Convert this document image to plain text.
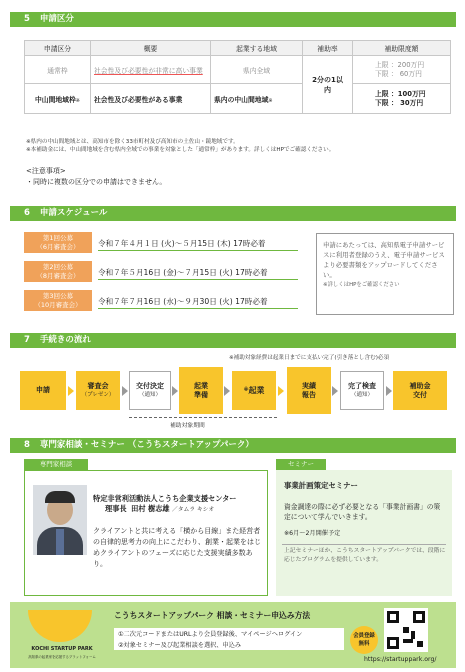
5 申請区分
申請区分	概要	起業する地域	補助率	補助限度額
通常枠	社会性及び必要性が非常に高い事業	県内全域	2分の1以内	上限 ：200万円
下限 ： 60万円

中山間地域枠※	社会性及び必要性がある事業	県内の中山間地域※		上限 ：100万円
下限 ： 30万円
※県内の中山間地域とは、高知市を除く33市町村及び高知市の土佐山・鏡地域です。
※本補助金には、中山間地域を含む県内全域での事業を対象とした「通常枠」があります。詳しくはHPでご確認ください。
<注意事項>
・同時に複数の区分での申請はできません。
6 申請スケジュール
第1回公募
（6月審査会）	令和７年４月１日 (火)～５月15日 (木) 17時必着
第2回公募
（8月審査会）	令和７年５月16日 (金)～７月15日 (火) 17時必着
第3回公募
（10月審査会）	令和７年７月16日 (水)～９月30日 (火) 17時必着
申請にあたっては、高知県電子申請サービスに利用者登録のうえ、電子申請サービスより必要書類をアップロードしてください。
※詳しくはHPをご確認ください
7 手続きの流れ
※補助対象経費は起業日までに支払い完了(引き落とし含む)必須
申請
審査会
（プレゼン）
交付決定
（通知）
起業
準備
※ 起業
実績
報告
完了検査
（通知）
補助金
交付
補助対象期間
8 専門家相談・セミナー （こうちスタートアップパーク）
専門家相談
特定非営利活動法人こうち企業支援センター
理事長 田村 樹志雄 ／タムラ キシオ
クライアントと共に考える「横から目線」また経営者の自律的思考力の向上にこだわり、創業・起業をはじめクライアントのフェーズに応じた支援実績多数あり。
セミナー
事業計画策定セミナー
資金調達の際に必ず必要となる「事業計画書」の策定について学んでいきます。
※6月～2月開催予定
上記セミナーほか、こうちスタートアップパークでは、段階に応じたプログラムを提供しています。
KOCHI STARTUP PARK
高知県の起業家を応援するプラットフォーム
こうちスタートアップパーク 相談・セミナー申込み方法
①二次元コードまたはURLより会員登録後、マイページへログイン
②対象セミナー及び起業相談を選択、申込み
会員登録
無料
https://startuppark.org/
